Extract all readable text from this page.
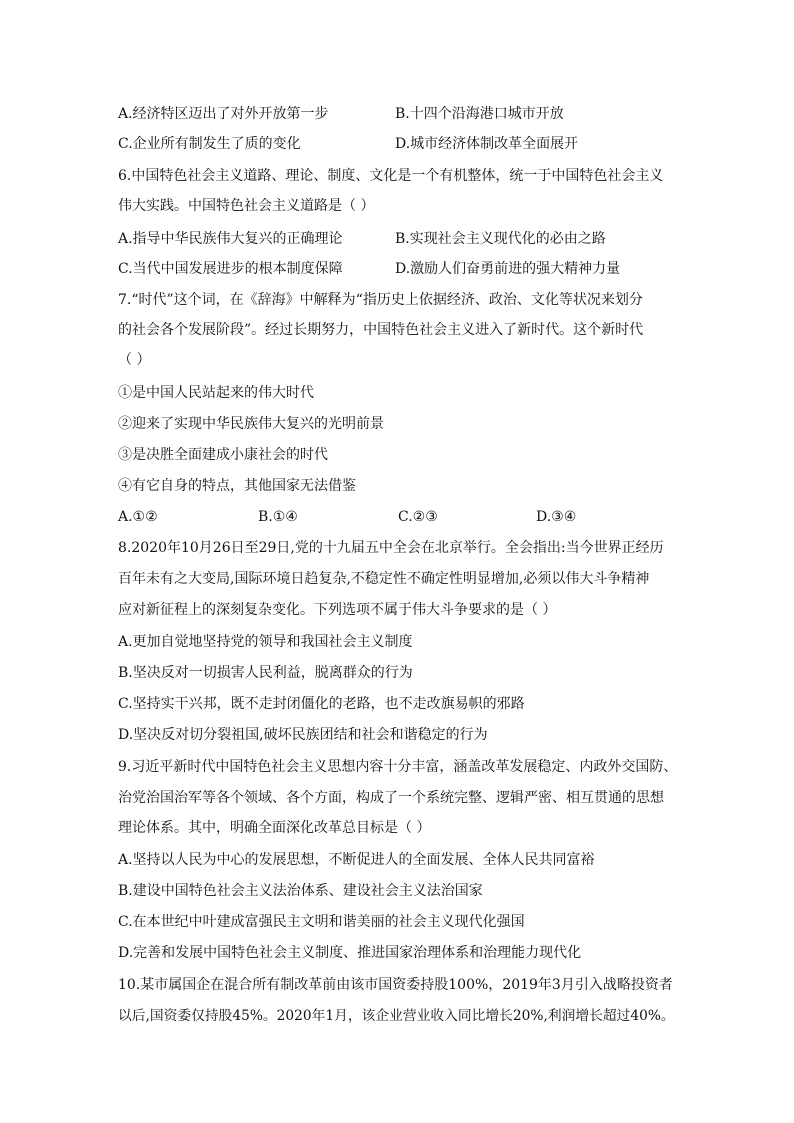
A.经济特区迈出了对外开放第一步	B.十四个沿海港口城市开放
C.企业所有制发生了质的变化	D.城市经济体制改革全面展开
6.中国特色社会主义道路、理论、制度、文化是一个有机整体，统一于中国特色社会主义
伟大实践。中国特色社会主义道路是（ ）
A.指导中华民族伟大复兴的正确理论	B.实现社会主义现代化的必由之路
C.当代中国发展进步的根本制度保障	D.激励人们奋勇前进的强大精神力量
7.“时代”这个词，在《辞海》中解释为“指历史上依据经济、政治、文化等状况来划分
的社会各个发展阶段”。经过长期努力，中国特色社会主义进入了新时代。这个新时代
（ ）
①是中国人民站起来的伟大时代
②迎来了实现中华民族伟大复兴的光明前景
③是决胜全面建成小康社会的时代
④有它自身的特点，其他国家无法借鉴
A.①②	B.①④	C.②③	D.③④
8.2020年10月26日至29日,党的十九届五中全会在北京举行。全会指出:当今世界正经历
百年未有之大变局,国际环境日趋复杂,不稳定性不确定性明显增加,必须以伟大斗争精神
应对新征程上的深刻复杂变化。下列选项不属于伟大斗争要求的是（ ）
A.更加自觉地坚持党的领导和我国社会主义制度
B.坚决反对一切损害人民利益，脱离群众的行为
C.坚持实干兴邦，既不走封闭僵化的老路，也不走改旗易帜的邪路
D.坚决反对切分裂祖国,破坏民族团结和社会和谐稳定的行为
9.习近平新时代中国特色社会主义思想内容十分丰富，涵盖改革发展稳定、内政外交国防、
治党治国治军等各个领域、各个方面，构成了一个系统完整、逻辑严密、相互贯通的思想
理论体系。其中，明确全面深化改革总目标是（ ）
A.坚持以人民为中心的发展思想，不断促进人的全面发展、全体人民共同富裕
B.建设中国特色社会主义法治体系、建设社会主义法治国家
C.在本世纪中叶建成富强民主文明和谐美丽的社会主义现代化强国
D.完善和发展中国特色社会主义制度、推进国家治理体系和治理能力现代化
10.某市属国企在混合所有制改革前由该市国资委持股100%，2019年3月引入战略投资者
以后,国资委仅持股45%。2020年1月，该企业营业收入同比增长20%,利润增长超过40%。
